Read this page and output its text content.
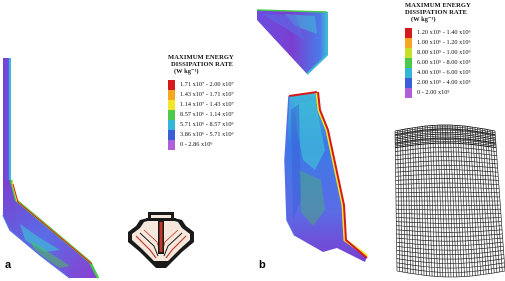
MAXIMUM ENERGY
DISSIPATION RATE
(W kg⁻¹)
1.71 x10⁷ - 2.00 x10⁷
1.43 x10⁷ - 1.71 x10⁷
1.14 x10⁷ - 1.43 x10⁷
8.57 x10⁶ - 1.14 x10⁷
5.71 x10⁶ - 8.57 x10⁶
3.86 x10⁶ - 5.71 x10⁶
0 - 2.86 x10⁶
a
MAXIMUM ENERGY
DISSIPATION RATE
(W kg⁻¹)
1.20 x10⁶ - 1.40 x10⁶
1.00 x10⁶ - 1.20 x10⁶
8.00 x10⁵ - 1.00 x10⁶
6.00 x10⁵ - 8.00 x10⁵
4.00 x10⁵ - 6.00 x10⁵
2.00 x10⁵ - 4.00 x10⁵
0 - 2.00 x10⁵
b
